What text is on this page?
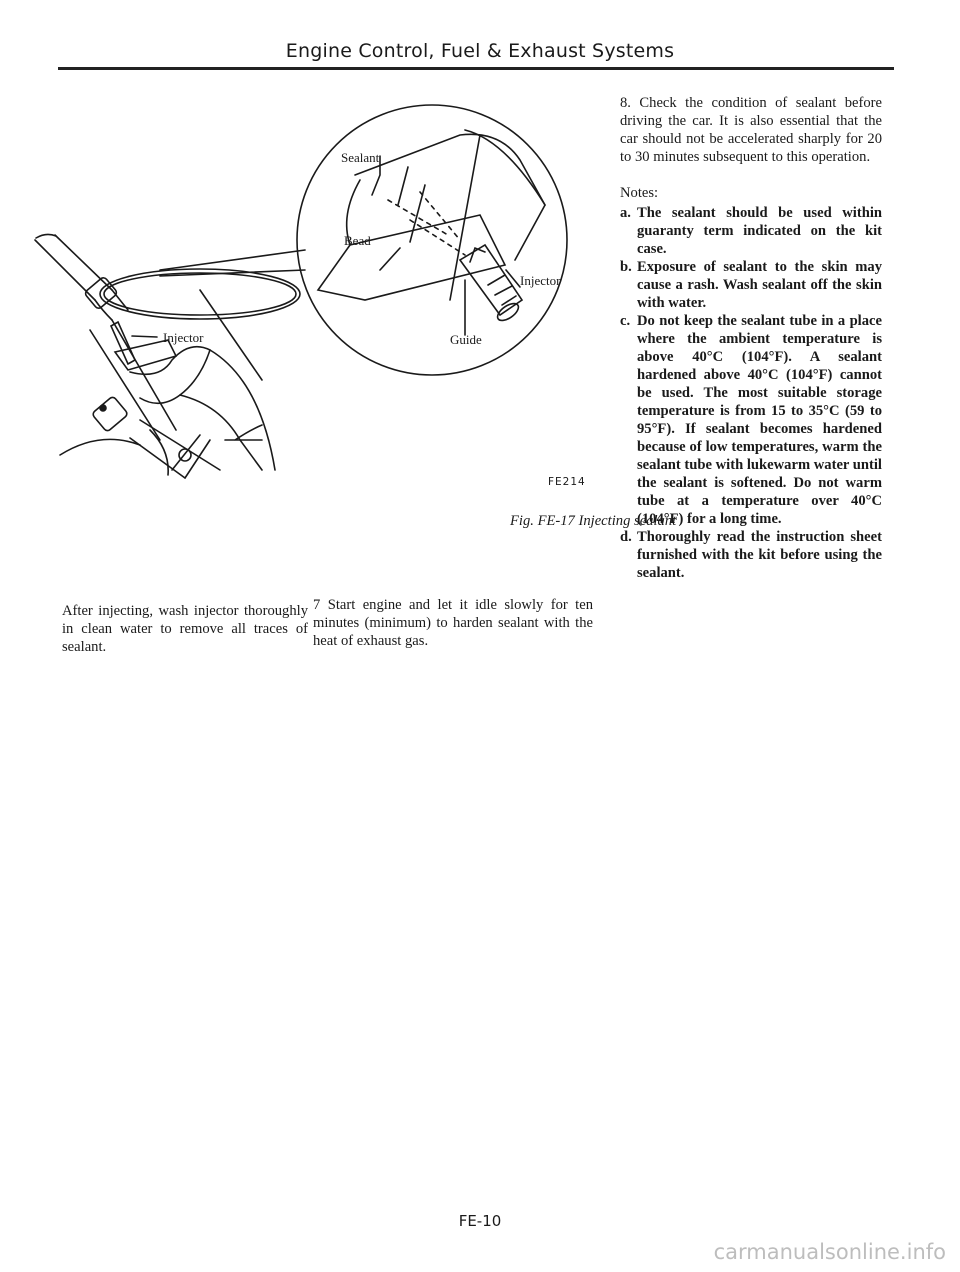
Engine Control, Fuel & Exhaust Systems
Injector
Sealant
Bead
Injector
Guide
FE214
Fig. FE-17 Injecting sealant
After injecting, wash injector thoroughly in clean water to remove all traces of sealant.
7 Start engine and let it idle slowly for ten minutes (minimum) to harden sealant with the heat of exhaust gas.

8. Check the condition of sealant before driving the car. It is also essential that the car should not be accelerated sharply for 20 to 30 minutes subsequent to this operation.

Notes:
a. The sealant should be used within guaranty term indicated on the kit case.
b. Exposure of sealant to the skin may cause a rash. Wash sealant off the skin with water.
c. Do not keep the sealant tube in a place where the ambient temperature is above 40°C (104°F). A sealant hardened above 40°C (104°F) cannot be used. The most suitable storage temperature is from 15 to 35°C (59 to 95°F). If sealant becomes hardened because of low temperatures, warm the sealant tube with lukewarm water until the sealant is softened. Do not warm tube at a temperature over 40°C (104°F) for a long time.
d. Thoroughly read the instruction sheet furnished with the kit before using the sealant.
FE-10
carmanualsonline.info
